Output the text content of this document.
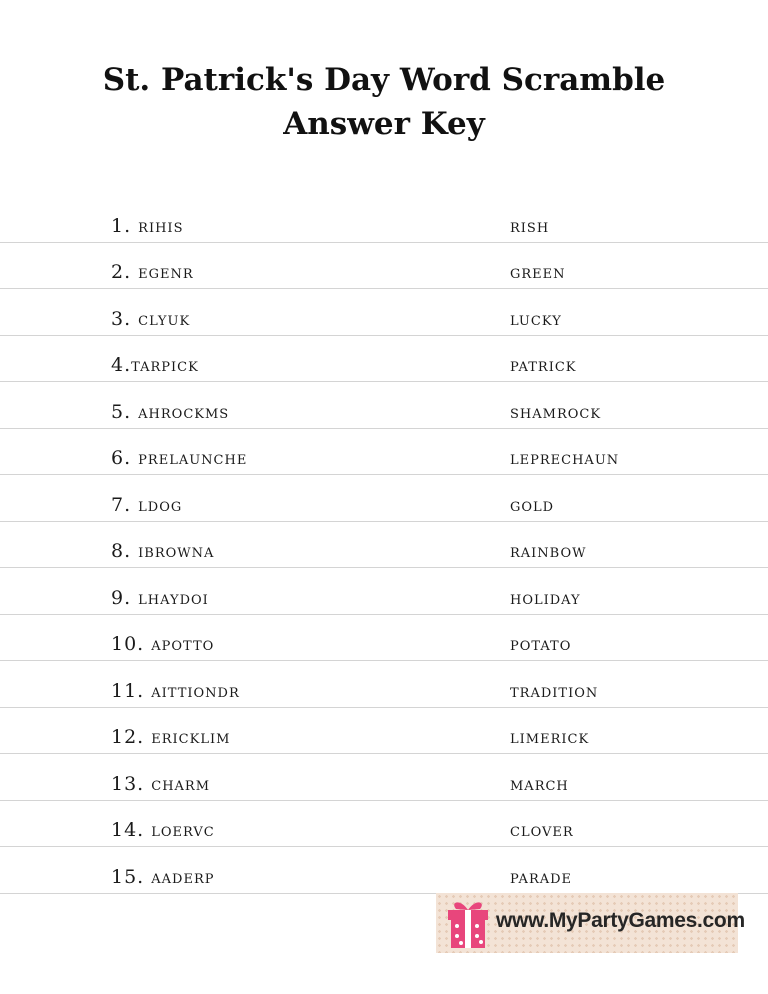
St. Patrick's Day Word Scramble
Answer Key
1. rihis	rish
2. egenr	green
3. clyuk	lucky
4.tarpick	patrick
5. ahrockms	shamrock
6. prelaunche	leprechaun
7. ldog	gold
8. ibrowna	rainbow
9. lhaydoi	holiday
10. apotto	potato
11. aittiondr	tradition
12. ericklim	limerick
13. charm	march
14. loervc	clover
15. aaderp	parade
www.MyPartyGames.com
